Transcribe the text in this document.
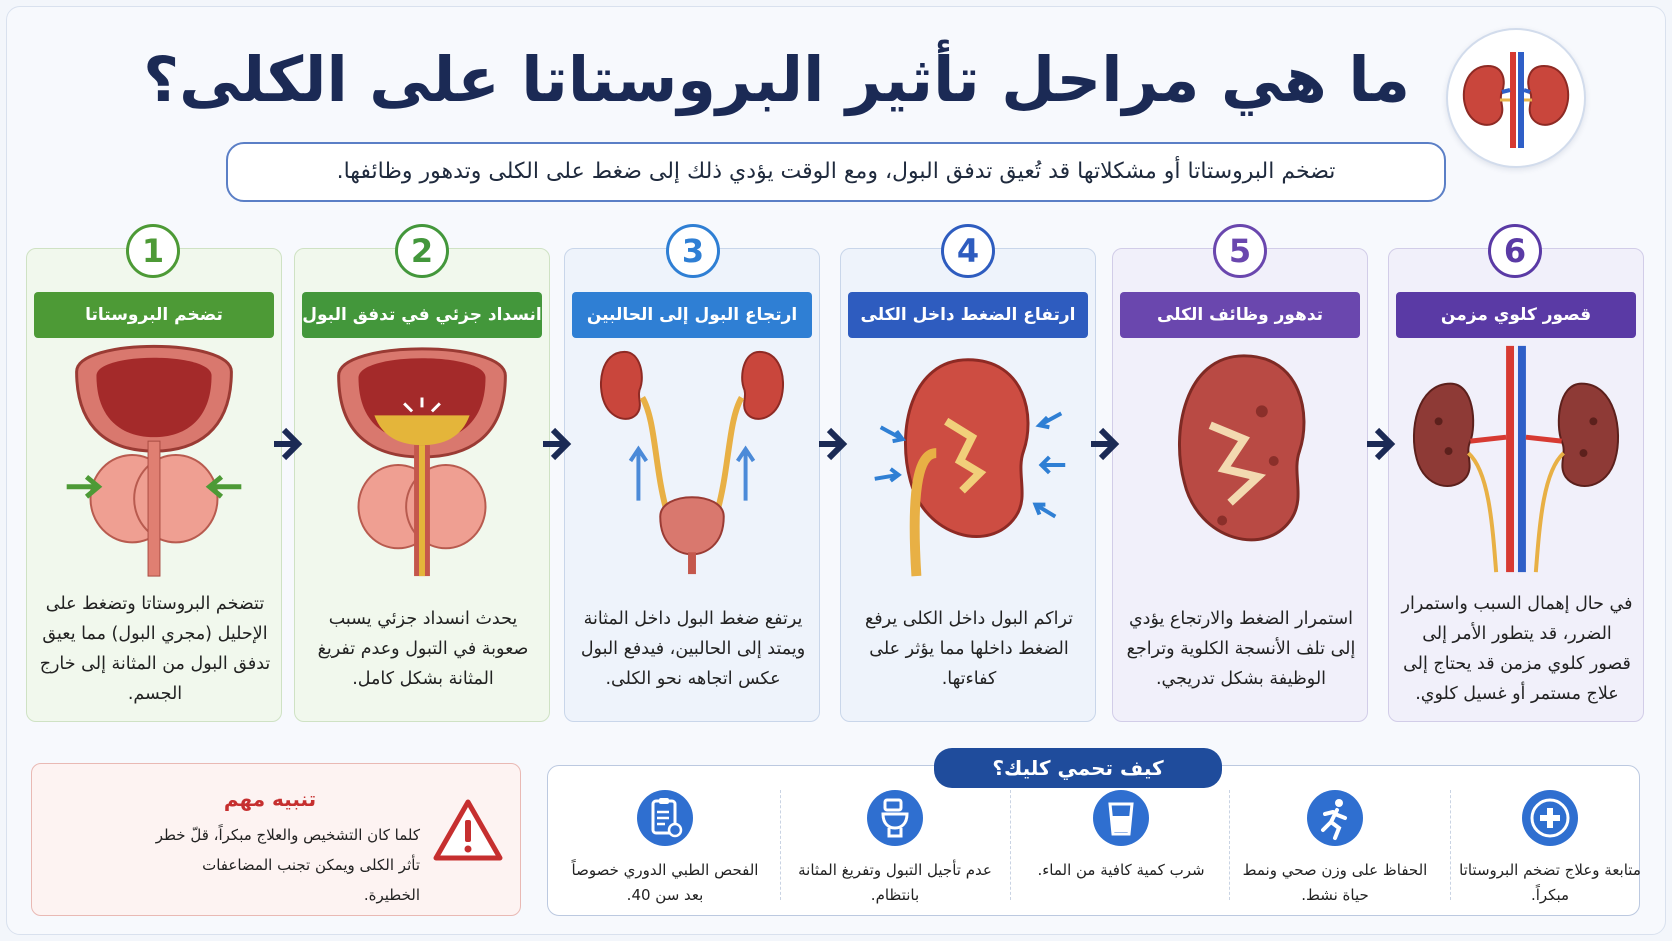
ما هي مراحل تأثير البروستاتا على الكلى؟
تضخم البروستاتا أو مشكلاتها قد تُعيق تدفق البول، ومع الوقت يؤدي ذلك إلى ضغط على الكلى وتدهور وظائفها.
تتضخم البروستاتا وتضغط على الإحليل (مجري البول) مما يعيق تدفق البول من المثانة إلى خارج الجسم.
يحدث انسداد جزئي يسبب صعوبة في التبول وعدم تفريغ المثانة بشكل كامل.
يرتفع ضغط البول داخل المثانة ويمتد إلى الحالبين، فيدفع البول عكس اتجاهه نحو الكلى.
تراكم البول داخل الكلى يرفع الضغط داخلها مما يؤثر على كفاءتها.
استمرار الضغط والارتجاع يؤدي إلى تلف الأنسجة الكلوية وتراجع الوظيفة بشكل تدريجي.
في حال إهمال السبب واستمرار الضرر، قد يتطور الأمر إلى قصور كلوي مزمن قد يحتاج إلى علاج مستمر أو غسيل كلوي.
تضخم البروستاتا	انسداد جزئي في تدفق البول	ارتجاع البول إلى الحالبين	ارتفاع الضغط داخل الكلى	تدهور وظائف الكلى	قصور كلوي مزمن
1	2	3	4	5	6
تنبيه مهم
كلما كان التشخيص والعلاج مبكراً، قلّ خطر تأثر الكلى ويمكن تجنب المضاعفات الخطيرة.
كيف تحمي كليك؟
متابعة وعلاج تضخم البروستاتا مبكراً.
الحفاظ على وزن صحي ونمط حياة نشط.
شرب كمية كافية من الماء.
عدم تأجيل التبول وتفريغ المثانة بانتظام.
الفحص الطبي الدوري خصوصاً بعد سن 40.
